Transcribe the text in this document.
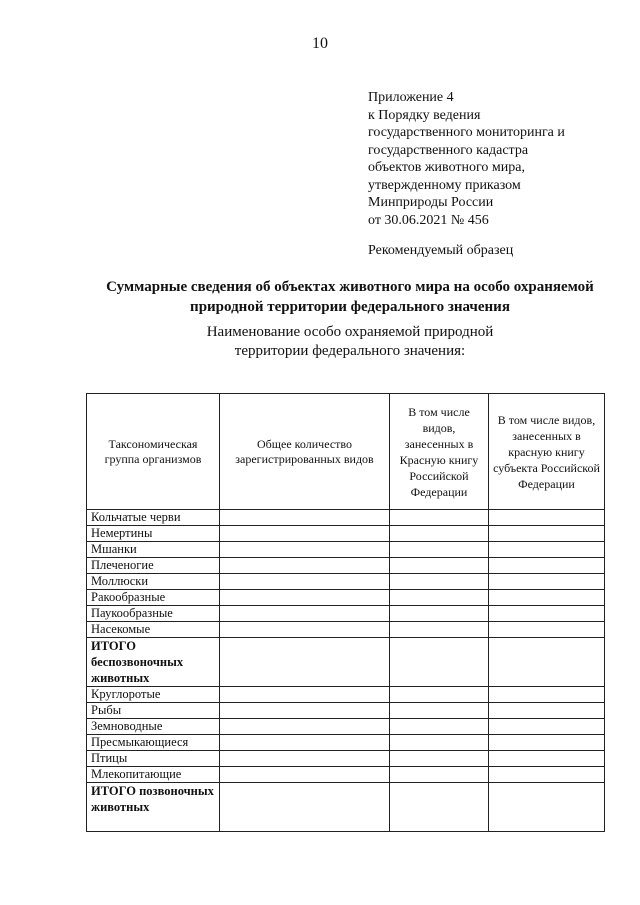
10
Приложение 4
к Порядку ведения
государственного мониторинга и
государственного кадастра
объектов животного мира,
утвержденному приказом
Минприроды России
от 30.06.2021 № 456
Рекомендуемый образец
Суммарные сведения об объектах животного мира на особо охраняемой
природной территории федерального значения
Наименование особо охраняемой природной
территории федерального значения:
Таксономическая группа организмов	Общее количество зарегистрированных видов	В том числе видов, занесенных в Красную книгу Российской Федерации	В том числе видов, занесенных в красную книгу субъекта Российской Федерации
Кольчатые черви			
Немертины			
Мшанки			
Плеченогие			
Моллюски			
Ракообразные			
Паукообразные			
Насекомые			
ИТОГО беспозвоночных животных			
Круглоротые			
Рыбы			
Земноводные			
Пресмыкающиеся			
Птицы			
Млекопитающие			
ИТОГО позвоночных животных			
